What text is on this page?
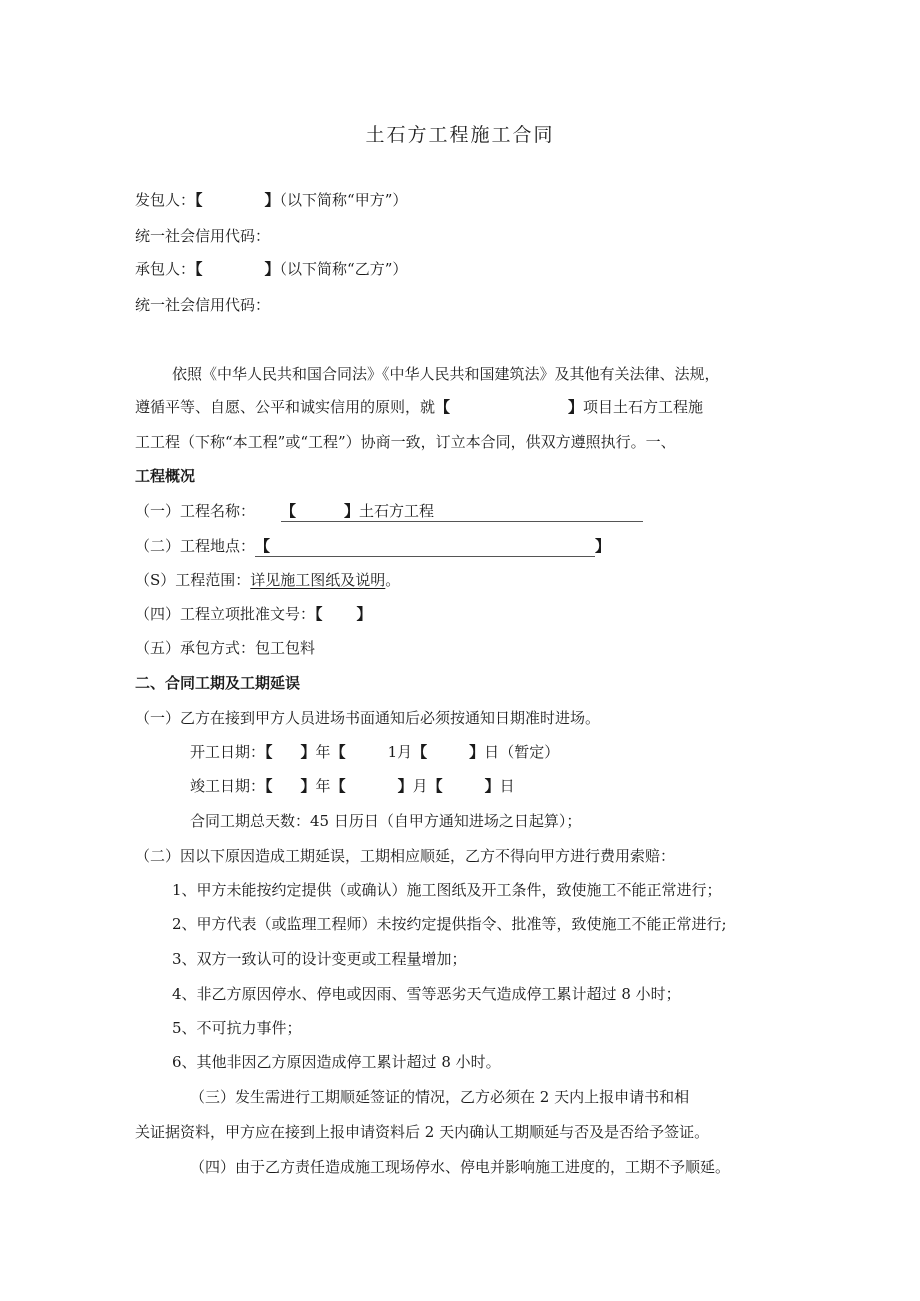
土石方工程施工合同
发包人：【	】（以下简称“甲方”）
统一社会信用代码：
承包人：【	】（以下简称“乙方”）
统一社会信用代码：
依照《中华人民共和国合同法》《中华人民共和国建筑法》及其他有关法律、法规，
遵循平等、自愿、公平和诚实信用的原则，就【	】项目土石方工程施
工工程（下称“本工程”或“工程”）协商一致，订立本合同，供双方遵照执行。一、
工程概况
（一）工程名称： 【	】土石方工程
（二）工程地点：【	】
（S）工程范围：详见施工图纸及说明。
（四）工程立项批准文号：【 】
（五）承包方式：包工包料
二、合同工期及工期延误
（一）乙方在接到甲方人员进场书面通知后必须按通知日期准时进场。
开工日期：【 】年【	1月【	】日（暂定）
竣工日期：【 】年【	】月【	】日
合同工期总天数：45 日历日（自甲方通知进场之日起算）；
（二）因以下原因造成工期延误，工期相应顺延，乙方不得向甲方进行费用索赔：
1、甲方未能按约定提供（或确认）施工图纸及开工条件，致使施工不能正常进行；
2、甲方代表（或监理工程师）未按约定提供指令、批准等，致使施工不能正常进行;
3、双方一致认可的设计变更或工程量增加；
4、非乙方原因停水、停电或因雨、雪等恶劣天气造成停工累计超过 8 小时；
5、不可抗力事件；
6、其他非因乙方原因造成停工累计超过 8 小时。
（三）发生需进行工期顺延签证的情况，乙方必须在 2 天内上报申请书和相
关证据资料，甲方应在接到上报申请资料后 2 天内确认工期顺延与否及是否给予签证。
（四）由于乙方责任造成施工现场停水、停电并影响施工进度的，工期不予顺延。
